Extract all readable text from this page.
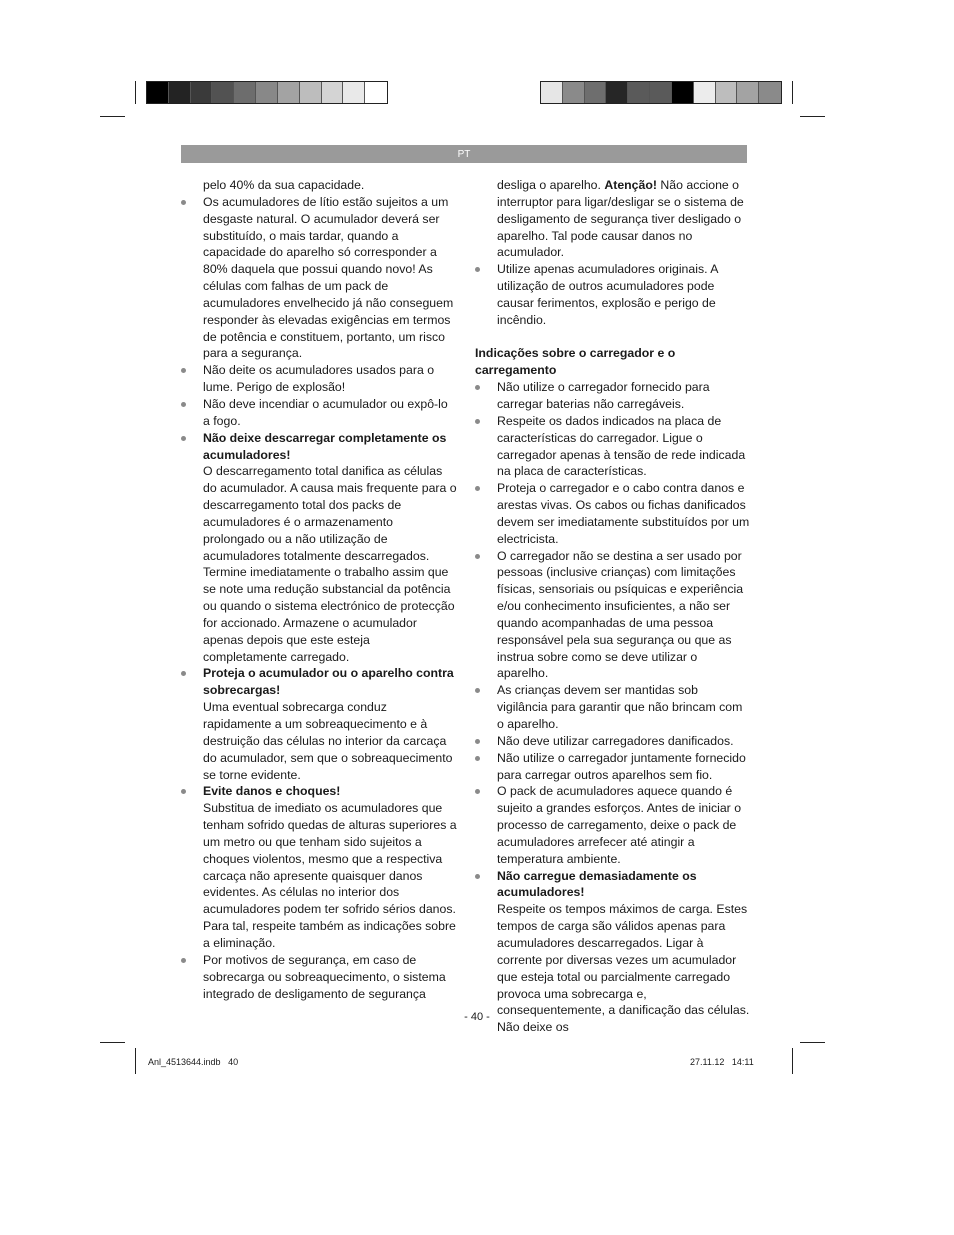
PT
pelo 40% da sua capacidade.
Os acumuladores de lítio estão sujeitos a um desgaste natural. O acumulador deverá ser substituído, o mais tardar, quando a capacidade do aparelho só corresponder a 80% daquela que possui quando novo! As células com falhas de um pack de acumuladores envelhecido já não conseguem responder às elevadas exigências em termos de potência e constituem, portanto, um risco para a segurança.
Não deite os acumuladores usados para o lume. Perigo de explosão!
Não deve incendiar o acumulador ou expô-lo a fogo.
Não deixe descarregar completamente os acumuladores!
O descarregamento total danifica as células do acumulador. A causa mais frequente para o descarregamento total dos packs de acumuladores é o armazenamento prolongado ou a não utilização de acumuladores totalmente descarregados. Termine imediatamente o trabalho assim que se note uma redução substancial da potência ou quando o sistema electrónico de protecção for accionado. Armazene o acumulador apenas depois que este esteja completamente carregado.
Proteja o acumulador ou o aparelho contra sobrecargas!
Uma eventual sobrecarga conduz rapidamente a um sobreaquecimento e à destruição das células no interior da carcaça do acumulador, sem que o sobreaquecimento se torne evidente.
Evite danos e choques!
Substitua de imediato os acumuladores que tenham sofrido quedas de alturas superiores a um metro ou que tenham sido sujeitos a choques violentos, mesmo que a respectiva carcaça não apresente quaisquer danos evidentes. As células no interior dos acumuladores podem ter sofrido sérios danos. Para tal, respeite também as indicações sobre a eliminação.
Por motivos de segurança, em caso de sobrecarga ou sobreaquecimento, o sistema integrado de desligamento de segurança
desliga o aparelho. Atenção! Não accione o interruptor para ligar/desligar se o sistema de desligamento de segurança tiver desligado o aparelho. Tal pode causar danos no acumulador.
Utilize apenas acumuladores originais. A utilização de outros acumuladores pode causar ferimentos, explosão e perigo de incêndio.
Indicações sobre o carregador e o carregamento
Não utilize o carregador fornecido para carregar baterias não carregáveis.
Respeite os dados indicados na placa de características do carregador. Ligue o carregador apenas à tensão de rede indicada na placa de características.
Proteja o carregador e o cabo contra danos e arestas vivas. Os cabos ou fichas danificados devem ser imediatamente substituídos por um electricista.
O carregador não se destina a ser usado por pessoas (inclusive crianças) com limitações físicas, sensoriais ou psíquicas e experiência e/ou conhecimento insuficientes, a não ser quando acompanhadas de uma pessoa responsável pela sua segurança ou que as instrua sobre como se deve utilizar o aparelho.
As crianças devem ser mantidas sob vigilância para garantir que não brincam com o aparelho.
Não deve utilizar carregadores danificados.
Não utilize o carregador juntamente fornecido para carregar outros aparelhos sem fio.
O pack de acumuladores aquece quando é sujeito a grandes esforços. Antes de iniciar o processo de carregamento, deixe o pack de acumuladores arrefecer até atingir a temperatura ambiente.
Não carregue demasiadamente os acumuladores!
Respeite os tempos máximos de carga. Estes tempos de carga são válidos apenas para acumuladores descarregados. Ligar à corrente por diversas vezes um acumulador que esteja total ou parcialmente carregado provoca uma sobrecarga e, consequentemente, a danificação das células. Não deixe os
- 40 -
Anl_4513644.indb   40	27.11.12   14:11
